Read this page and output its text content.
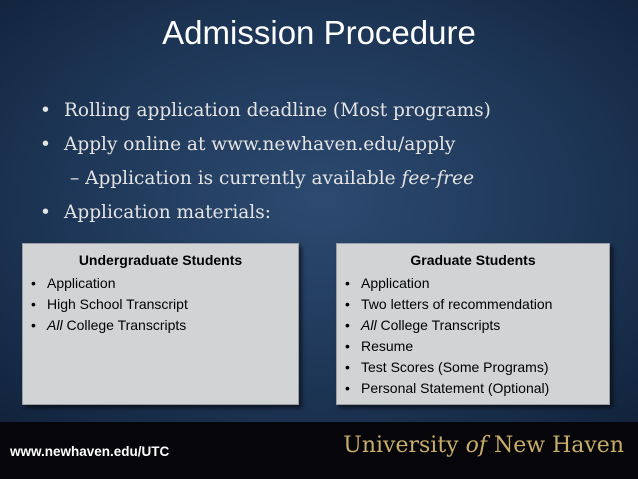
Admission Procedure
• Rolling application deadline (Most programs)
• Apply online at www.newhaven.edu/apply
– Application is currently available fee-free
• Application materials:
Undergraduate Students
• Application
• High School Transcript
• All College Transcripts
Graduate Students
• Application
• Two letters of recommendation
• All College Transcripts
• Resume
• Test Scores (Some Programs)
• Personal Statement (Optional)
www.newhaven.edu/UTC	University of New Haven
